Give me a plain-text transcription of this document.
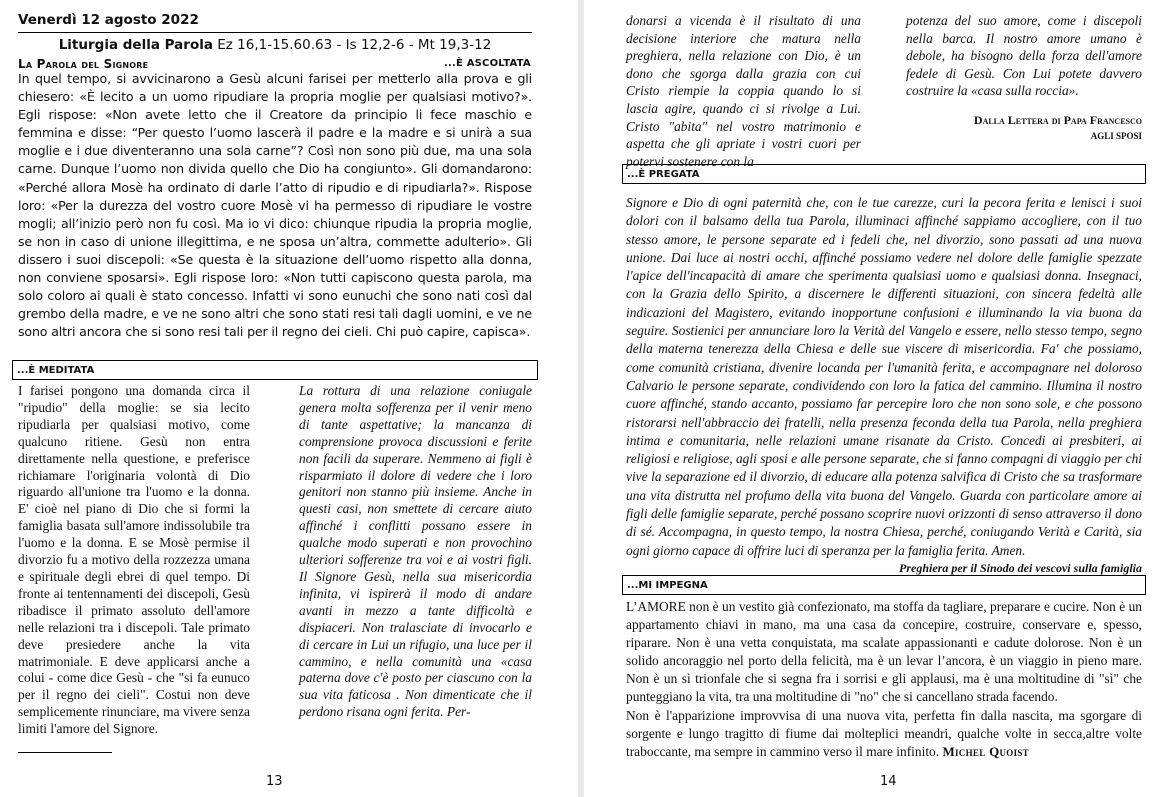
Venerdì 12 agosto 2022
Liturgia della Parola Ez 16,1-15.60.63 - Is 12,2-6 - Mt 19,3-12
La Parola del Signore	...È ASCOLTATA
In quel tempo, si avvicinarono a Gesù alcuni farisei per metterlo alla prova e gli chiesero: «È lecito a un uomo ripudiare la propria moglie per qualsiasi motivo?». Egli rispose: «Non avete letto che il Creatore da principio li fece maschio e femmina e disse: “Per questo l’uomo lascerà il padre e la madre e si unirà a sua moglie e i due diventeranno una sola carne”? Così non sono più due, ma una sola carne. Dunque l’uomo non divida quello che Dio ha congiunto». Gli domandarono: «Perché allora Mosè ha ordinato di darle l’atto di ripudio e di ripudiarla?». Rispose loro: «Per la durezza del vostro cuore Mosè vi ha permesso di ripudiare le vostre mogli; all’inizio però non fu così. Ma io vi dico: chiunque ripudia la propria moglie, se non in caso di unione illegittima, e ne sposa un’altra, commette adulterio». Gli dissero i suoi discepoli: «Se questa è la situazione dell’uomo rispetto alla donna, non conviene sposarsi». Egli rispose loro: «Non tutti capiscono questa parola, ma solo coloro ai quali è stato concesso. Infatti vi sono eunuchi che sono nati così dal grembo della madre, e ve ne sono altri che sono stati resi tali dagli uomini, e ve ne sono altri ancora che si sono resi tali per il regno dei cieli. Chi può capire, capisca».
...È MEDITATA
I farisei pongono una domanda circa il "ripudio" della moglie: se sia lecito ripudiarla per qualsiasi motivo, come qualcuno ritiene. Gesù non entra direttamente nella questione, e preferisce richiamare l'originaria volontà di Dio riguardo all'unione tra l'uomo e la donna. E' cioè nel piano di Dio che si formi la famiglia basata sull'amore indissolubile tra l'uomo e la donna. E se Mosè permise il divorzio fu a motivo della rozzezza umana e spirituale degli ebrei di quel tempo. Di fronte ai tentennamenti dei discepoli, Gesù ribadisce il primato assoluto dell'amore nelle relazioni tra i discepoli. Tale primato deve presiedere anche la vita matrimoniale. E deve applicarsi anche a colui - come dice Gesù - che "si fa eunuco per il regno dei cieli". Costui non deve semplicemente rinunciare, ma vivere senza limiti l'amore del Signore.
La rottura di una relazione coniugale genera molta sofferenza per il venir meno di tante aspettative; la mancanza di comprensione provoca discussioni e ferite non facili da superare. Nemmeno ai figli è risparmiato il dolore di vedere che i loro genitori non stanno più insieme. Anche in questi casi, non smettete di cercare aiuto affinché i conflitti possano essere in qualche modo superati e non provochino ulteriori sofferenze tra voi e ai vostri figli. Il Signore Gesù, nella sua misericordia infinita, vi ispirerà il modo di andare avanti in mezzo a tante difficoltà e dispiaceri. Non tralasciate di invocarlo e di cercare in Lui un rifugio, una luce per il cammino, e nella comunità una «casa paterna dove c'è posto per ciascuno con la sua vita faticosa . Non dimenticate che il perdono risana ogni ferita. Per-
13
donarsi a vicenda è il risultato di una decisione interiore che matura nella preghiera, nella relazione con Dio, è un dono che sgorga dalla grazia con cui Cristo riempie la coppia quando lo si lascia agire, quando ci si rivolge a Lui. Cristo "abita" nel vostro matrimonio e aspetta che gli apriate i vostri cuori per potervi sostenere con la
potenza del suo amore, come i discepoli nella barca. Il nostro amore umano è debole, ha bisogno della forza dell'amore fedele di Gesù. Con Lui potete davvero costruire la «casa sulla roccia».
Dalla Lettera di Papa Francesco
AGLI SPOSI
...È PREGATA
Signore e Dio di ogni paternità che, con le tue carezze, curi la pecora ferita e lenisci i suoi dolori con il balsamo della tua Parola, illuminaci affinché sappiamo accogliere, con il tuo stesso amore, le persone separate ed i fedeli che, nel divorzio, sono passati ad una nuova unione. Dai luce ai nostri occhi, affinché possiamo vedere nel dolore delle famiglie spezzate l'apice dell'incapacità di amare che sperimenta qualsiasi uomo e qualsiasi donna. Insegnaci, con la Grazia dello Spirito, a discernere le differenti situazioni, con sincera fedeltà alle indicazioni del Magistero, evitando inopportune confusioni e illuminando la via buona da seguire. Sostienici per annunciare loro la Verità del Vangelo e essere, nello stesso tempo, segno della materna tenerezza della Chiesa e delle sue viscere di misericordia. Fa' che possiamo, come comunità cristiana, divenire locanda per l'umanità ferita, e accompagnare nel doloroso Calvario le persone separate, condividendo con loro la fatica del cammino. Illumina il nostro cuore affinché, stando accanto, possiamo far percepire loro che non sono sole, e che possono ristorarsi nell'abbraccio dei fratelli, nella presenza feconda della tua Parola, nella preghiera intima e comunitaria, nelle relazioni umane risanate da Cristo. Concedi ai presbiteri, ai religiosi e religiose, agli sposi e alle persone separate, che si fanno compagni di viaggio per chi vive la separazione ed il divorzio, di educare alla potenza salvifica di Cristo che sa trasformare una vita distrutta nel profumo della vita buona del Vangelo. Guarda con particolare amore ai figli delle famiglie separate, perché possano scoprire nuovi orizzonti di senso attraverso il dono di sé. Accompagna, in questo tempo, la nostra Chiesa, perché, coniugando Verità e Carità, sia ogni giorno capace di offrire luci di speranza per la famiglia ferita. Amen.
Preghiera per il Sinodo dei vescovi sulla famiglia
...MI IMPEGNA

L’AMORE non è un vestito già confezionato, ma stoffa da tagliare, preparare e cucire. Non è un appartamento chiavi in mano, ma una casa da concepire, costruire, conservare e, spesso, riparare. Non è una vetta conquistata, ma scalate appassionanti e cadute dolorose. Non è un solido ancoraggio nel porto della felicità, ma è un levar l’ancora, è un viaggio in pieno mare. Non è un sì trionfale che si segna fra i sorrisi e gli applausi, ma è una moltitudine di "sì" che punteggiano la vita, tra una moltitudine di "no" che si cancellano strada facendo.

Non è l'apparizione improvvisa di una nuova vita, perfetta fin dalla nascita, ma sgorgare di sorgente e lungo tragitto di fiume dai molteplici meandri, qualche volte in secca,altre volte traboccante, ma sempre in cammino verso il mare infinito. Michel Quoist

14
